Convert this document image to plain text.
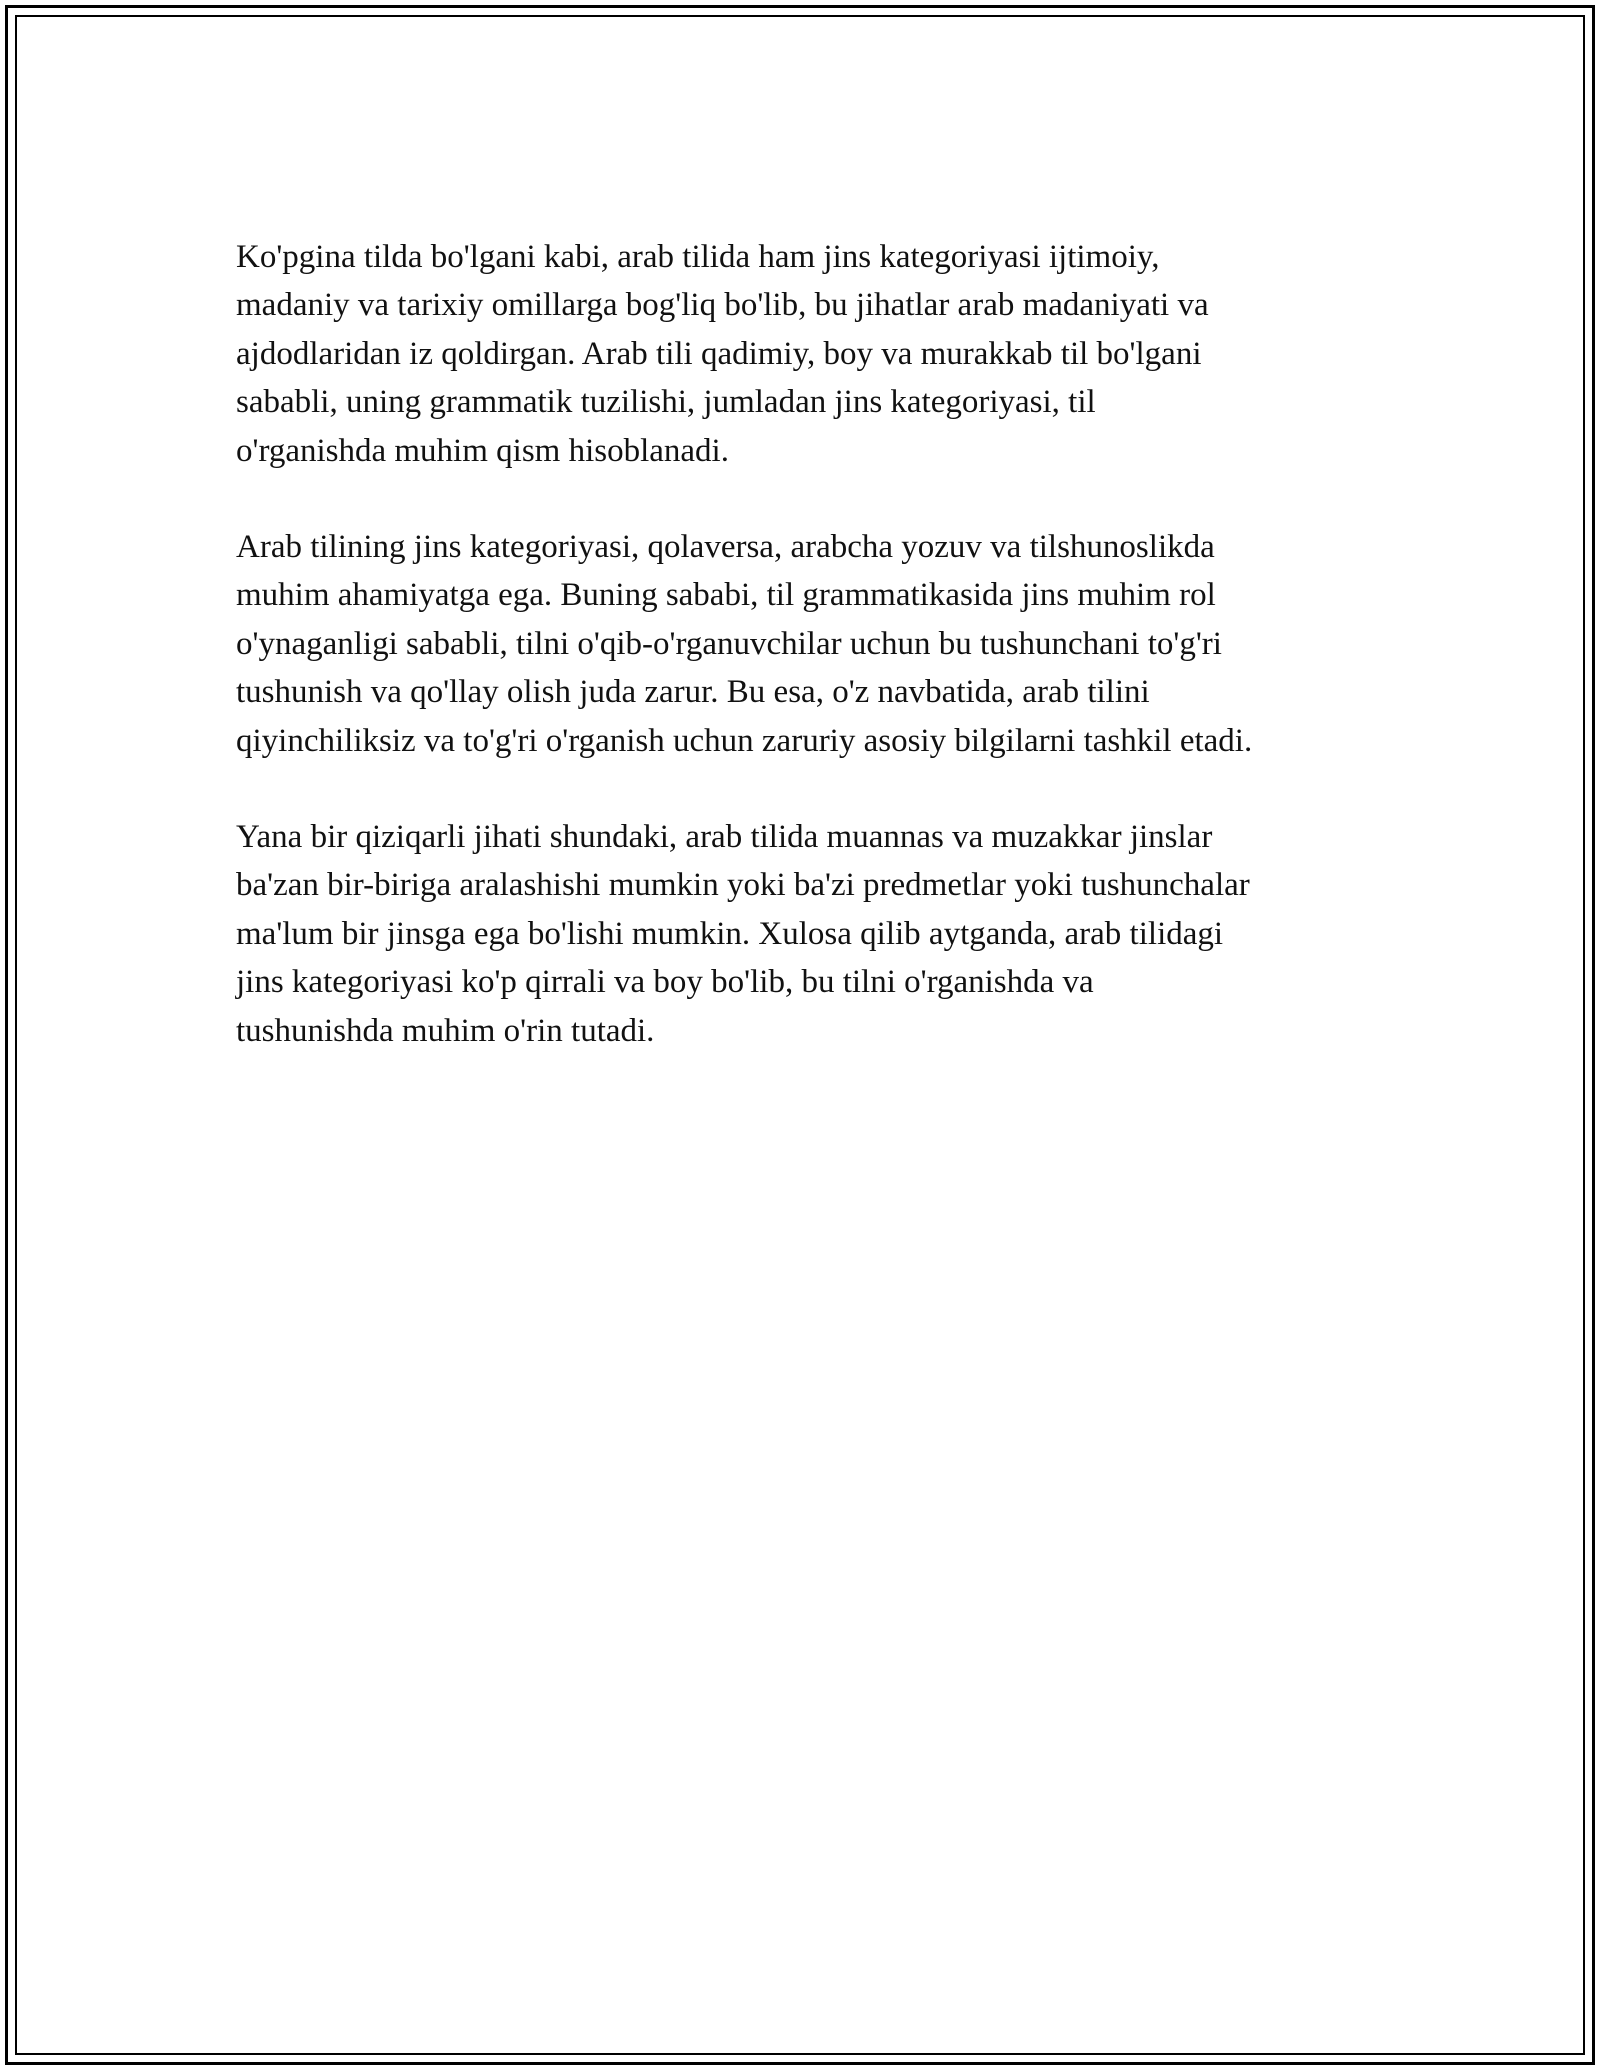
Ko'pgina tilda bo'lgani kabi, arab tilida ham jins kategoriyasi ijtimoiy,
madaniy va tarixiy omillarga bog'liq bo'lib, bu jihatlar arab madaniyati va
ajdodlaridan iz qoldirgan. Arab tili qadimiy, boy va murakkab til bo'lgani
sababli, uning grammatik tuzilishi, jumladan jins kategoriyasi, til
o'rganishda muhim qism hisoblanadi.

Arab tilining jins kategoriyasi, qolaversa, arabcha yozuv va tilshunoslikda
muhim ahamiyatga ega. Buning sababi, til grammatikasida jins muhim rol
o'ynaganligi sababli, tilni o'qib-o'rganuvchilar uchun bu tushunchani to'g'ri
tushunish va qo'llay olish juda zarur. Bu esa, o'z navbatida, arab tilini
qiyinchiliksiz va to'g'ri o'rganish uchun zaruriy asosiy bilgilarni tashkil etadi.

Yana bir qiziqarli jihati shundaki, arab tilida muannas va muzakkar jinslar
ba'zan bir-biriga aralashishi mumkin yoki ba'zi predmetlar yoki tushunchalar
ma'lum bir jinsga ega bo'lishi mumkin. Xulosa qilib aytganda, arab tilidagi
jins kategoriyasi ko'p qirrali va boy bo'lib, bu tilni o'rganishda va
tushunishda muhim o'rin tutadi.
